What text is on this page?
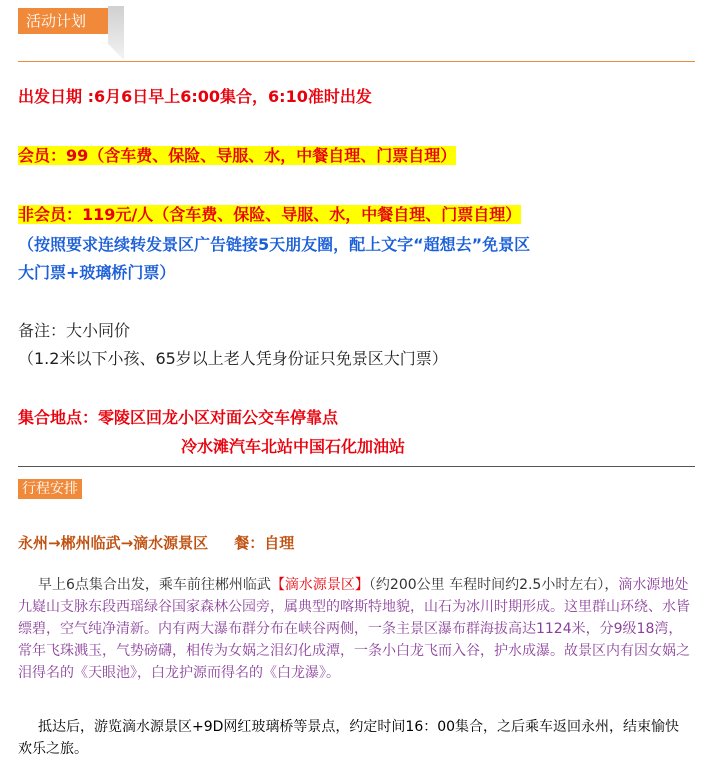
活动计划
出发日期 :6月6日早上6:00集合，6:10准时出发
会员：99（含车费、保险、导服、水，中餐自理、门票自理）
非会员：119元/人（含车费、保险、导服、水，中餐自理、门票自理）
（按照要求连续转发景区广告链接5天朋友圈，配上文字“超想去”免景区
大门票+玻璃桥门票）
备注：大小同价
（1.2米以下小孩、65岁以上老人凭身份证只免景区大门票）
集合地点：零陵区回龙小区对面公交车停靠点
冷水滩汽车北站中国石化加油站
行程安排
永州→郴州临武→滴水源景区     餐：自理
早上6点集合出发，乘车前往郴州临武【滴水源景区】（约200公里 车程时间约2.5小时左右），滴水源地处九嶷山支脉东段西瑶绿谷国家森林公园旁，属典型的喀斯特地貌，山石为冰川时期形成。这里群山环绕、水皆缥碧，空气纯净清新。内有两大瀑布群分布在峡谷两侧，一条主景区瀑布群海拔高达1124米，分9级18湾，常年飞珠溅玉，气势磅礴，相传为女娲之泪幻化成潭，一条小白龙飞而入谷，护水成瀑。故景区内有因女娲之泪得名的《天眼池》，白龙护源而得名的《白龙瀑》。
抵达后，游览滴水源景区+9D网红玻璃桥等景点，约定时间16：00集合，之后乘车返回永州，结束愉快欢乐之旅。
